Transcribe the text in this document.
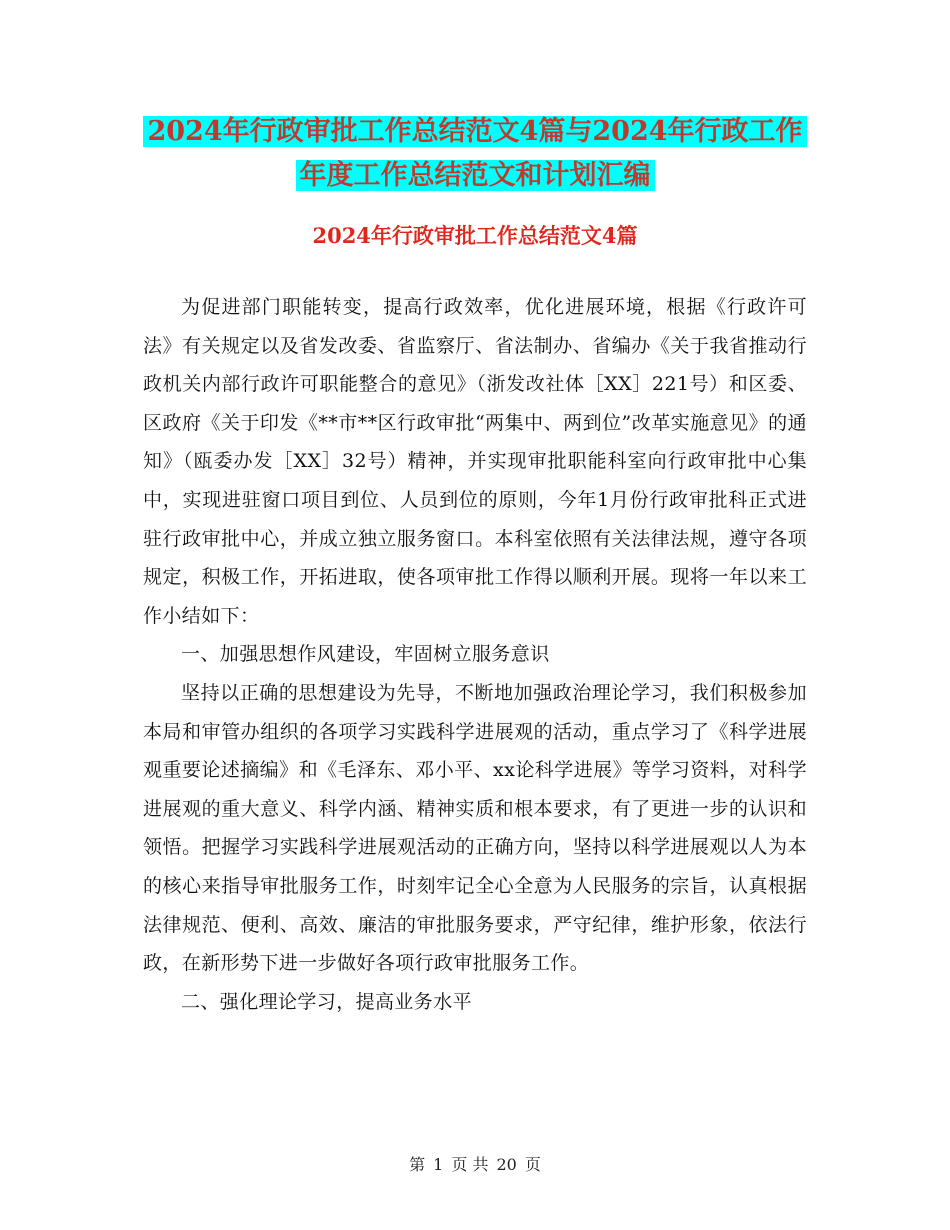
2024年行政审批工作总结范文4篇与2024年行政工作
年度工作总结范文和计划汇编
2024年行政审批工作总结范文4篇

为促进部门职能转变，提高行政效率，优化进展环境，根据《行政许可法》有关规定以及省发改委、省监察厅、省法制办、省编办《关于我省推动行政机关内部行政许可职能整合的意见》（浙发改社体［XX］221号）和区委、区政府《关于印发《**市**区行政审批“两集中、两到位”改革实施意见》的通知》（瓯委办发［XX］32号）精神，并实现审批职能科室向行政审批中心集中，实现进驻窗口项目到位、人员到位的原则，今年1月份行政审批科正式进驻行政审批中心，并成立独立服务窗口。本科室依照有关法律法规，遵守各项规定，积极工作，开拓进取，使各项审批工作得以顺利开展。现将一年以来工作小结如下：

一、加强思想作风建设，牢固树立服务意识

坚持以正确的思想建设为先导，不断地加强政治理论学习，我们积极参加本局和审管办组织的各项学习实践科学进展观的活动，重点学习了《科学进展观重要论述摘编》和《毛泽东、邓小平、xx论科学进展》等学习资料，对科学进展观的重大意义、科学内涵、精神实质和根本要求，有了更进一步的认识和领悟。把握学习实践科学进展观活动的正确方向，坚持以科学进展观以人为本的核心来指导审批服务工作，时刻牢记全心全意为人民服务的宗旨，认真根据法律规范、便利、高效、廉洁的审批服务要求，严守纪律，维护形象，依法行政，在新形势下进一步做好各项行政审批服务工作。

二、强化理论学习，提高业务水平

第 1 页 共 20 页
